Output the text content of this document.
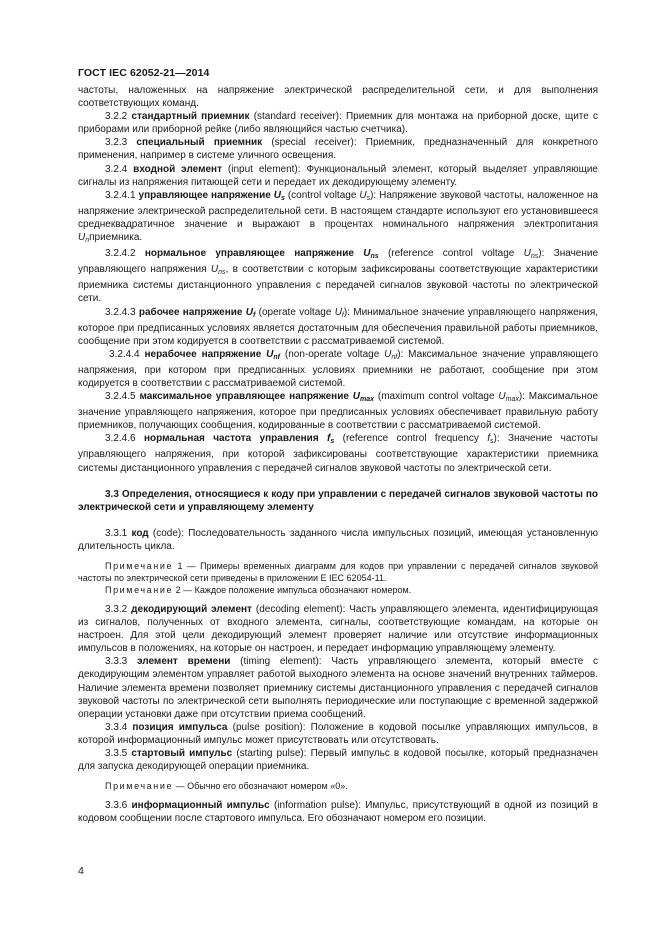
ГОСТ IEC 62052-21—2014

частоты, наложенных на напряжение электрической распределительной сети, и для выполнения соответствующих команд.

3.2.2 стандартный приемник (standard receiver): Приемник для монтажа на приборной доске, щите с приборами или приборной рейке (либо являющийся частью счетчика).

3.2.3 специальный приемник (special receiver): Приемник, предназначенный для конкретного применения, например в системе уличного освещения.

3.2.4 входной элемент (input element): Функциональный элемент, который выделяет управляющие сигналы из напряжения питающей сети и передает их декодирующему элементу.

3.2.4.1 управляющее напряжение $U_s$ (control voltage $U_s$): Напряжение звуковой частоты, наложенное на напряжение электрической распределительной сети. В настоящем стандарте используют его установившееся среднеквадратичное значение и выражают в процентах номинального напряжения электропитания $U_nприемника$.

3.2.4.2 нормальное управляющее напряжение $U_{ns}$ (reference control voltage $U_{ns}$): Значение управляющего напряжения $U_{ns}$, в соответствии с которым зафиксированы соответствующие характеристики приемника системы дистанционного управления с передачей сигналов звуковой частоты по электрической сети.

3.2.4.3 рабочее напряжение $U_f$ (operate voltage $U_f$): Минимальное значение управляющего напряжения, которое при предписанных условиях является достаточным для обеспечения правильной работы приемников, сообщение при этом кодируется в соответствии с рассматриваемой системой.

3.2.4.4 нерабочее напряжение $U_{nf}$ (non-operate voltage $U_{nf}$): Максимальное значение управляющего напряжения, при котором при предписанных условиях приемники не работают, сообщение при этом кодируется в соответствии с рассматриваемой системой.

3.2.4.5 максимальное управляющее напряжение $U_{max}$ (maximum control voltage $U_{max}$): Максимальное значение управляющего напряжения, которое при предписанных условиях обеспечивает правильную работу приемников, получающих сообщения, кодированные в соответствии с рассматриваемой системой.

3.2.4.6 нормальная частота управления $f_s$ (reference control frequency $f_s$): Значение частоты управляющего напряжения, при которой зафиксированы соответствующие характеристики приемника системы дистанционного управления с передачей сигналов звуковой частоты по электрической сети.

3.3 Определения, относящиеся к коду при управлении с передачей сигналов звуковой частоты по электрической сети и управляющему элементу

3.3.1 код (code): Последовательность заданного числа импульсных позиций, имеющая установленную длительность цикла.

Примечание 1 — Примеры временных диаграмм для кодов при управлении с передачей сигналов звуковой частоты по электрической сети приведены в приложении Е IEC 62054-11.

Примечание 2 — Каждое положение импульса обозначают номером.

3.3.2 декодирующий элемент (decoding element): Часть управляющего элемента, идентифицирующая из сигналов, полученных от входного элемента, сигналы, соответствующие командам, на которые он настроен. Для этой цели декодирующий элемент проверяет наличие или отсутствие информационных импульсов в положениях, на которые он настроен, и передает информацию управляющему элементу.

3.3.3 элемент времени (timing element): Часть управляющего элемента, который вместе с декодирующим элементом управляет работой выходного элемента на основе значений внутренних таймеров. Наличие элемента времени позволяет приемнику системы дистанционного управления с передачей сигналов звуковой частоты по электрической сети выполнять периодические или поступающие с временной задержкой операции установки даже при отсутствии приема сообщений.

3.3.4 позиция импульса (pulse position): Положение в кодовой посылке управляющих импульсов, в которой информационный импульс может присутствовать или отсутствовать.

3.3.5 стартовый импульс (starting pulse): Первый импульс в кодовой посылке, который предназначен для запуска декодирующей операции приемника.

Примечание — Обычно его обозначают номером «0».

3.3.6 информационный импульс (information pulse): Импульс, присутствующий в одной из позиций в кодовом сообщении после стартового импульса. Его обозначают номером его позиции.

4
